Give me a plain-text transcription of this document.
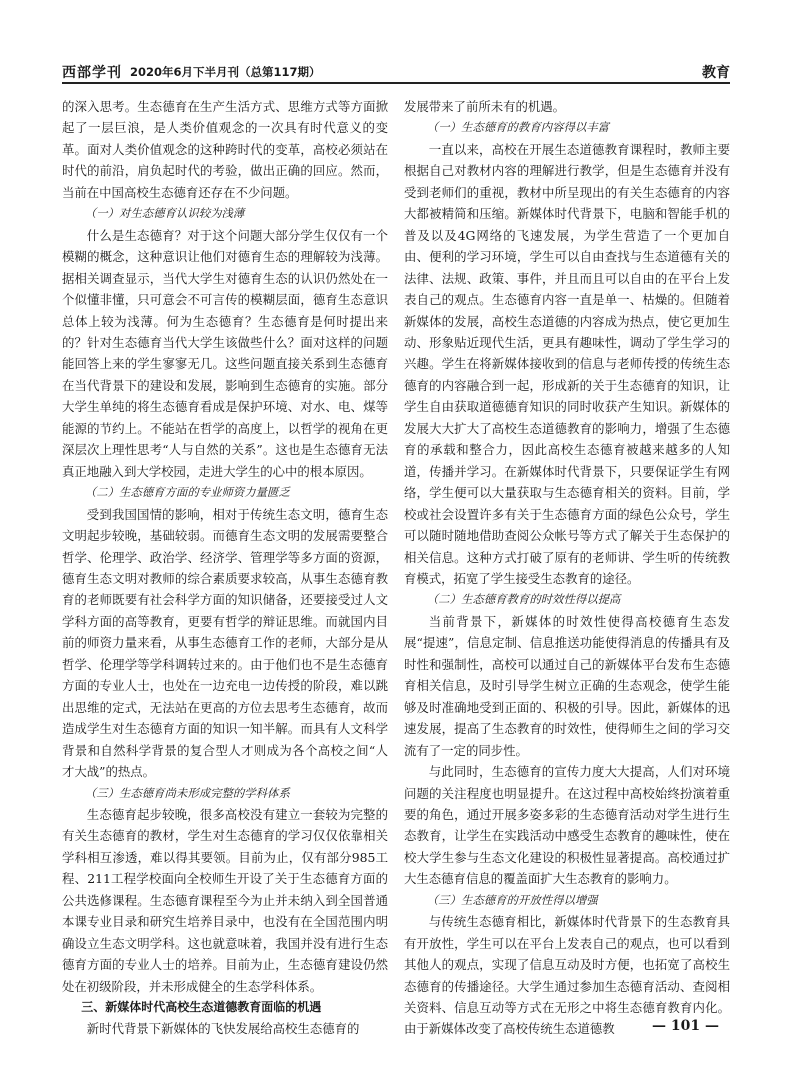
西部学刊 2020年6月下半月刊（总第117期）	教育

的深入思考。生态德育在生产生活方式、思维方式等方面掀起了一层巨浪，是人类价值观念的一次具有时代意义的变革。面对人类价值观念的这种跨时代的变革，高校必须站在时代的前沿，肩负起时代的考验，做出正确的回应。然而，当前在中国高校生态德育还存在不少问题。

（一）对生态德育认识较为浅薄

什么是生态德育？对于这个问题大部分学生仅仅有一个模糊的概念，这种意识让他们对德育生态的理解较为浅薄。据相关调查显示，当代大学生对德育生态的认识仍然处在一个似懂非懂，只可意会不可言传的模糊层面，德育生态意识总体上较为浅薄。何为生态德育？生态德育是何时提出来的？针对生态德育当代大学生该做些什么？面对这样的问题能回答上来的学生寥寥无几。这些问题直接关系到生态德育在当代背景下的建设和发展，影响到生态德育的实施。部分大学生单纯的将生态德育看成是保护环境、对水、电、煤等能源的节约上。不能站在哲学的高度上，以哲学的视角在更深层次上理性思考“人与自然的关系”。这也是生态德育无法真正地融入到大学校园，走进大学生的心中的根本原因。

（二）生态德育方面的专业师资力量匮乏

受到我国国情的影响，相对于传统生态文明，德育生态文明起步较晚，基础较弱。而德育生态文明的发展需要整合哲学、伦理学、政治学、经济学、管理学等多方面的资源，德育生态文明对教师的综合素质要求较高，从事生态德育教育的老师既要有社会科学方面的知识储备，还要接受过人文学科方面的高等教育，更要有哲学的辩证思维。而就国内目前的师资力量来看，从事生态德育工作的老师，大部分是从哲学、伦理学等学科调转过来的。由于他们也不是生态德育方面的专业人士，也处在一边充电一边传授的阶段，难以跳出思维的定式，无法站在更高的方位去思考生态德育，故而造成学生对生态德育方面的知识一知半解。而具有人文科学背景和自然科学背景的复合型人才则成为各个高校之间“人才大战”的热点。

（三）生态德育尚未形成完整的学科体系

生态德育起步较晚，很多高校没有建立一套较为完整的有关生态德育的教材，学生对生态德育的学习仅仅依靠相关学科相互渗透，难以得其要领。目前为止，仅有部分985工程、211工程学校面向全校师生开设了关于生态德育方面的公共选修课程。生态德育课程至今为止并未纳入到全国普通本课专业目录和研究生培养目录中，也没有在全国范围内明确设立生态文明学科。这也就意味着，我国并没有进行生态德育方面的专业人士的培养。目前为止，生态德育建设仍然处在初级阶段，并未形成健全的生态学科体系。

三、新媒体时代高校生态道德教育面临的机遇

新时代背景下新媒体的飞快发展给高校生态德育的

发展带来了前所未有的机遇。

（一）生态德育的教育内容得以丰富

一直以来，高校在开展生态道德教育课程时，教师主要根据自己对教材内容的理解进行教学，但是生态德育并没有受到老师们的重视，教材中所呈现出的有关生态德育的内容大都被精简和压缩。新媒体时代背景下，电脑和智能手机的普及以及4G网络的飞速发展，为学生营造了一个更加自由、便利的学习环境，学生可以自由查找与生态道德有关的法律、法规、政策、事件，并且而且可以自由的在平台上发表自己的观点。生态德育内容一直是单一、枯燥的。但随着新媒体的发展，高校生态道德的内容成为热点，使它更加生动、形象贴近现代生活，更具有趣味性，调动了学生学习的兴趣。学生在将新媒体接收到的信息与老师传授的传统生态德育的内容融合到一起，形成新的关于生态德育的知识，让学生自由获取道德德育知识的同时收获产生知识。新媒体的发展大大扩大了高校生态道德教育的影响力，增强了生态德育的承载和整合力，因此高校生态德育被越来越多的人知道，传播并学习。在新媒体时代背景下，只要保证学生有网络，学生便可以大量获取与生态德育相关的资料。目前，学校或社会设置许多有关于生态德育方面的绿色公众号，学生可以随时随地借助查阅公众帐号等方式了解关于生态保护的相关信息。这种方式打破了原有的老师讲、学生听的传统教育模式，拓宽了学生接受生态教育的途径。

（二）生态德育教育的时效性得以提高

当前背景下，新媒体的时效性使得高校德育生态发展“提速”，信息定制、信息推送功能使得消息的传播具有及时性和强制性，高校可以通过自己的新媒体平台发布生态德育相关信息，及时引导学生树立正确的生态观念，使学生能够及时准确地受到正面的、积极的引导。因此，新媒体的迅速发展，提高了生态教育的时效性，使得师生之间的学习交流有了一定的同步性。

与此同时，生态德育的宣传力度大大提高，人们对环境问题的关注程度也明显提升。在这过程中高校始终扮演着重要的角色，通过开展多姿多彩的生态德育活动对学生进行生态教育，让学生在实践活动中感受生态教育的趣味性，使在校大学生参与生态文化建设的积极性显著提高。高校通过扩大生态德育信息的覆盖面扩大生态教育的影响力。

（三）生态德育的开放性得以增强

与传统生态德育相比，新媒体时代背景下的生态教育具有开放性，学生可以在平台上发表自己的观点，也可以看到其他人的观点，实现了信息互动及时方便，也拓宽了高校生态德育的传播途径。大学生通过参加生态德育活动、查阅相关资料、信息互动等方式在无形之中将生态德育教育内化。由于新媒体改变了高校传统生态道德教	— 101 —
